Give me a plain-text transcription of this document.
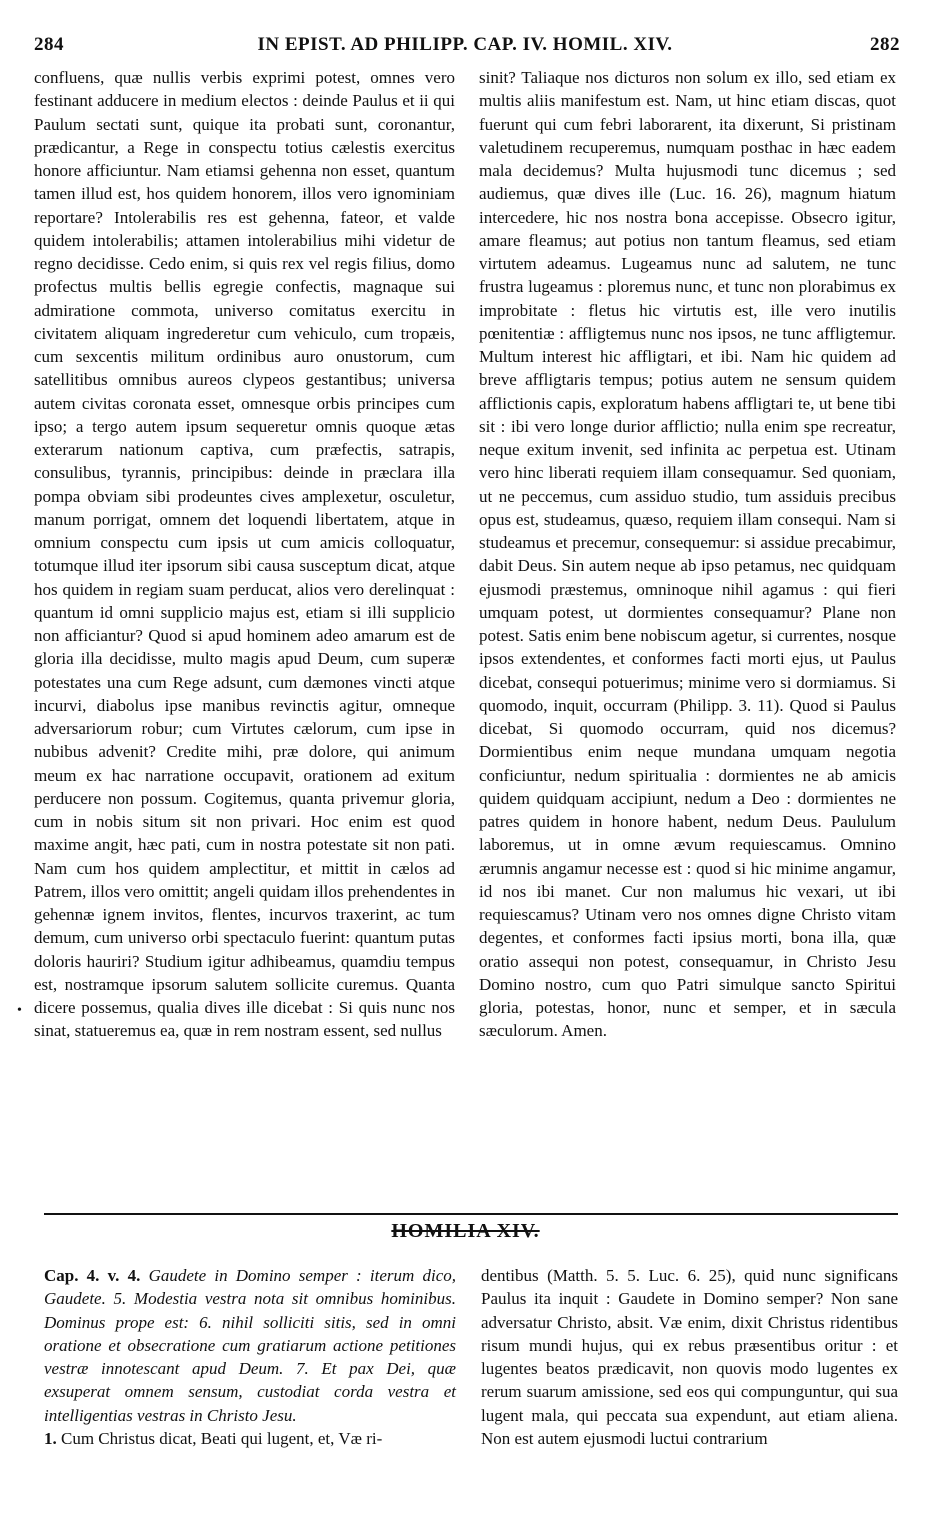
284	IN EPIST. AD PHILIPP. CAP. IV. HOMIL. XIV.	282

confluens, quæ nullis verbis exprimi potest, omnes vero festinant adducere in medium electos : deinde Paulus et ii qui Paulum sectati sunt, quique ita probati sunt, coronantur, prædicantur, a Rege in conspectu totius cælestis exercitus honore afficiuntur. Nam etiamsi gehenna non esset, quantum tamen illud est, hos quidem honorem, illos vero ignominiam reportare? Intolerabilis res est gehenna, fateor, et valde quidem intolerabilis; attamen intolerabilius mihi videtur de regno decidisse. Cedo enim, si quis rex vel regis filius, domo profectus multis bellis egregie confectis, magnaque sui admiratione commota, universo comitatus exercitu in civitatem aliquam ingrederetur cum vehiculo, cum tropæis, cum sexcentis militum ordinibus auro onustorum, cum satellitibus omnibus aureos clypeos gestantibus; universa autem civitas coronata esset, omnesque orbis principes cum ipso; a tergo autem ipsum sequeretur omnis quoque ætas exterarum nationum captiva, cum præfectis, satrapis, consulibus, tyrannis, principibus: deinde in præclara illa pompa obviam sibi prodeuntes cives amplexetur, osculetur, manum porrigat, omnem det loquendi libertatem, atque in omnium conspectu cum ipsis ut cum amicis colloquatur, totumque illud iter ipsorum sibi causa susceptum dicat, atque hos quidem in regiam suam perducat, alios vero derelinquat : quantum id omni supplicio majus est, etiam si illi supplicio non afficiantur? Quod si apud hominem adeo amarum est de gloria illa decidisse, multo magis apud Deum, cum superæ potestates una cum Rege adsunt, cum dæmones vincti atque incurvi, diabolus ipse manibus revinctis agitur, omneque adversariorum robur; cum Virtutes cælorum, cum ipse in nubibus advenit? Credite mihi, præ dolore, qui animum meum ex hac narratione occupavit, orationem ad exitum perducere non possum. Cogitemus, quanta privemur gloria, cum in nobis situm sit non privari. Hoc enim est quod maxime angit, hæc pati, cum in nostra potestate sit non pati. Nam cum hos quidem amplectitur, et mittit in cælos ad Patrem, illos vero omittit; angeli quidam illos prehendentes in gehennæ ignem invitos, flentes, incurvos traxerint, ac tum demum, cum universo orbi spectaculo fuerint: quantum putas doloris hauriri? Studium igitur adhibeamus, quamdiu tempus est, nostramque ipsorum salutem sollicite curemus. Quanta dicere possemus, qualia dives ille dicebat : Si quis nunc nos sinat, statueremus ea, quæ in rem nostram essent, sed nullus

sinit? Taliaque nos dicturos non solum ex illo, sed etiam ex multis aliis manifestum est. Nam, ut hinc etiam discas, quot fuerunt qui cum febri laborarent, ita dixerunt, Si pristinam valetudinem recuperemus, numquam posthac in hæc eadem mala decidemus? Multa hujusmodi tunc dicemus ; sed audiemus, quæ dives ille (Luc. 16. 26), magnum hiatum intercedere, hic nos nostra bona accepisse. Obsecro igitur, amare fleamus; aut potius non tantum fleamus, sed etiam virtutem adeamus. Lugeamus nunc ad salutem, ne tunc frustra lugeamus : ploremus nunc, et tunc non plorabimus ex improbitate : fletus hic virtutis est, ille vero inutilis pœnitentiæ : affligtemus nunc nos ipsos, ne tunc affligtemur. Multum interest hic affligtari, et ibi. Nam hic quidem ad breve affligtaris tempus; potius autem ne sensum quidem afflictionis capis, exploratum habens affligtari te, ut bene tibi sit : ibi vero longe durior afflictio; nulla enim spe recreatur, neque exitum invenit, sed infinita ac perpetua est. Utinam vero hinc liberati requiem illam consequamur. Sed quoniam, ut ne peccemus, cum assiduo studio, tum assiduis precibus opus est, studeamus, quæso, requiem illam consequi. Nam si studeamus et precemur, consequemur: si assidue precabimur, dabit Deus. Sin autem neque ab ipso petamus, nec quidquam ejusmodi præstemus, omninoque nihil agamus : qui fieri umquam potest, ut dormientes consequamur? Plane non potest. Satis enim bene nobiscum agetur, si currentes, nosque ipsos extendentes, et conformes facti morti ejus, ut Paulus dicebat, consequi potuerimus; minime vero si dormiamus. Si quomodo, inquit, occurram (Philipp. 3. 11). Quod si Paulus dicebat, Si quomodo occurram, quid nos dicemus? Dormientibus enim neque mundana umquam negotia conficiuntur, nedum spiritualia : dormientes ne ab amicis quidem quidquam accipiunt, nedum a Deo : dormientes ne patres quidem in honore habent, nedum Deus. Paululum laboremus, ut in omne ævum requiescamus. Omnino ærumnis angamur necesse est : quod si hic minime angamur, id nos ibi manet. Cur non malumus hic vexari, ut ibi requiescamus? Utinam vero nos omnes digne Christo vitam degentes, et conformes facti ipsius morti, bona illa, quæ oratio assequi non potest, consequamur, in Christo Jesu Domino nostro, cum quo Patri simulque sancto Spiritui gloria, potestas, honor, nunc et semper, et in sæcula sæculorum. Amen.

•
HOMILIA XIV.

Cap. 4. v. 4. Gaudete in Domino semper : iterum dico, Gaudete. 5. Modestia vestra nota sit omnibus hominibus. Dominus prope est: 6. nihil solliciti sitis, sed in omni oratione et obsecratione cum gratiarum actione petitiones vestræ innotescant apud Deum. 7. Et pax Dei, quæ exsuperat omnem sensum, custodiat corda vestra et intelligentias vestras in Christo Jesu.

1. Cum Christus dicat, Beati qui lugent, et, Væ ri-

dentibus (Matth. 5. 5. Luc. 6. 25), quid nunc significans Paulus ita inquit : Gaudete in Domino semper? Non sane adversatur Christo, absit. Væ enim, dixit Christus ridentibus risum mundi hujus, qui ex rebus præsentibus oritur : et lugentes beatos prædicavit, non quovis modo lugentes ex rerum suarum amissione, sed eos qui compunguntur, qui sua lugent mala, qui peccata sua expendunt, aut etiam aliena. Non est autem ejusmodi luctui contrarium
